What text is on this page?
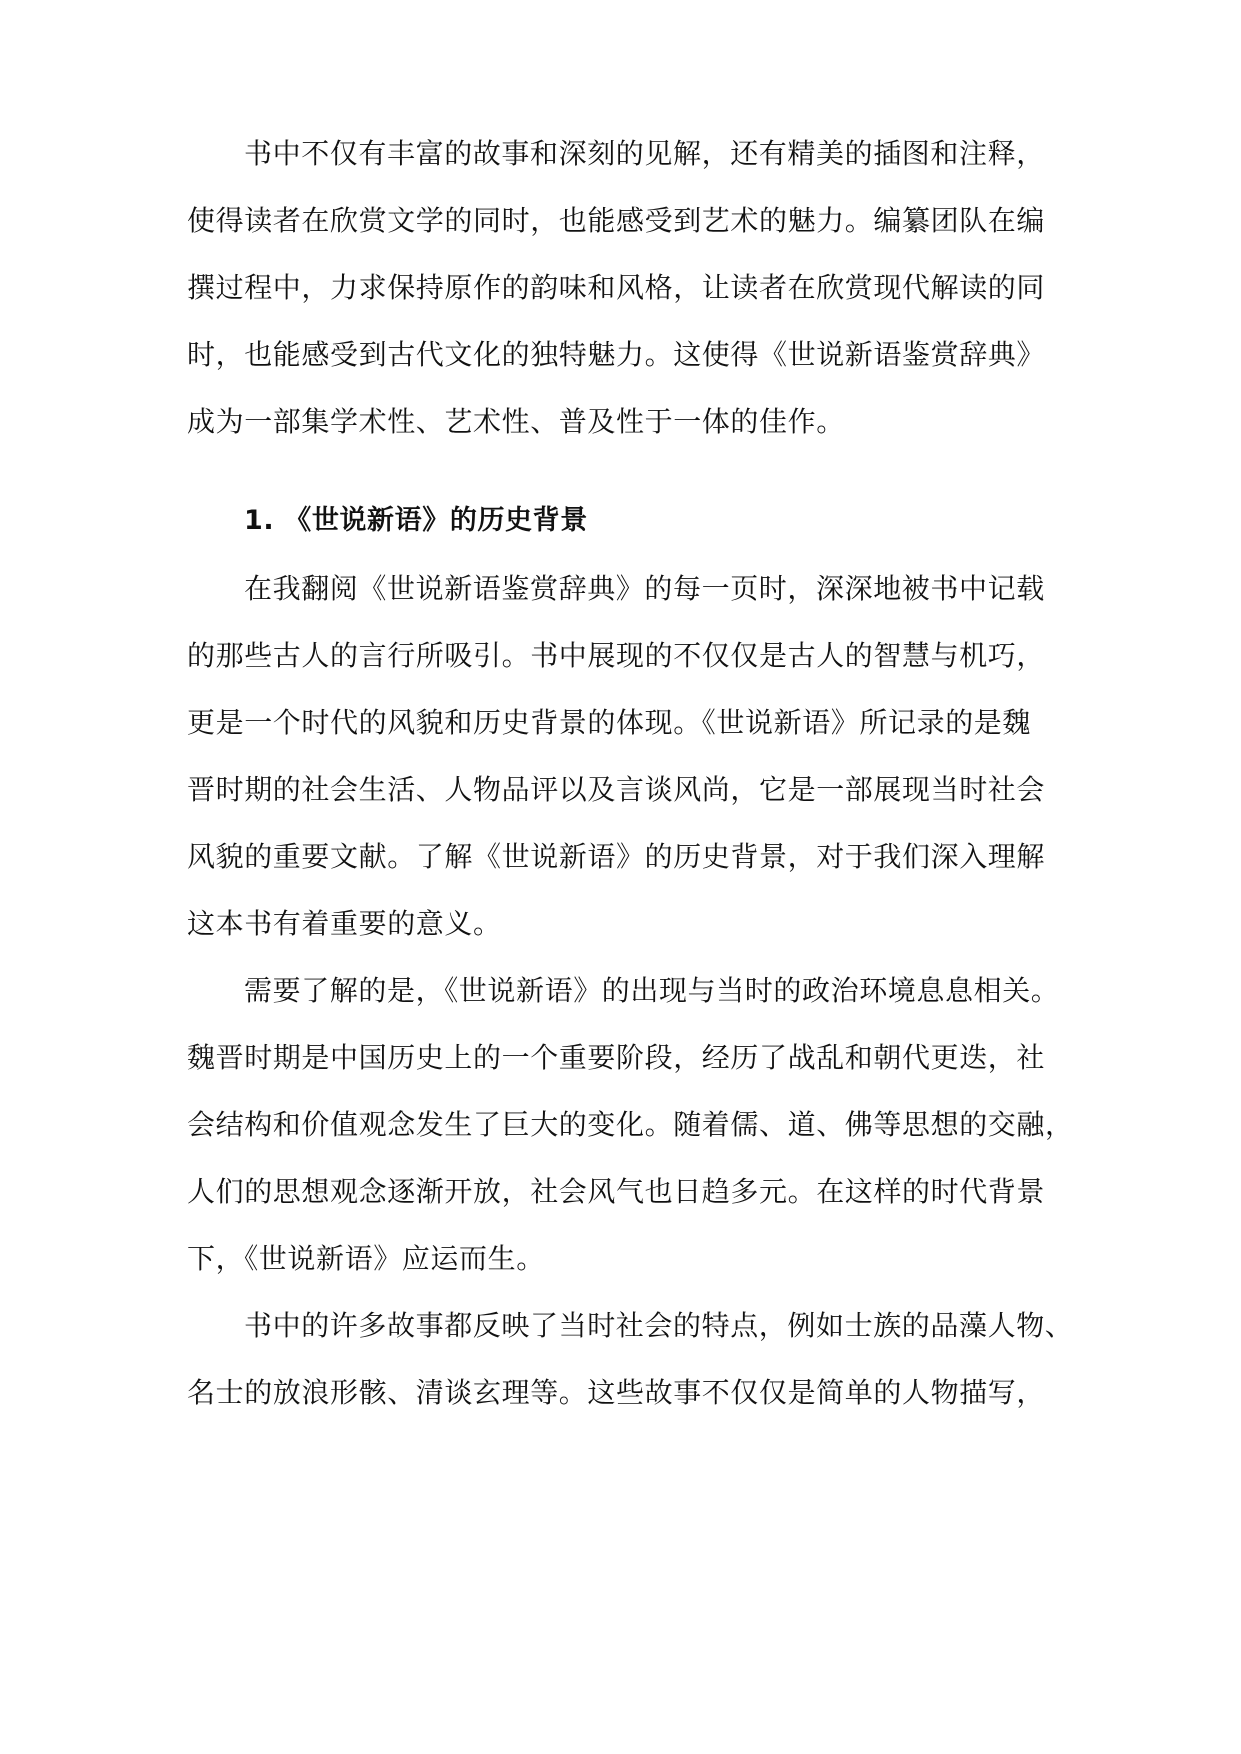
书中不仅有丰富的故事和深刻的见解，还有精美的插图和注释，
使得读者在欣赏文学的同时，也能感受到艺术的魅力。编纂团队在编
撰过程中，力求保持原作的韵味和风格，让读者在欣赏现代解读的同
时，也能感受到古代文化的独特魅力。这使得《世说新语鉴赏辞典》
成为一部集学术性、艺术性、普及性于一体的佳作。
1. 《世说新语》的历史背景
在我翻阅《世说新语鉴赏辞典》的每一页时，深深地被书中记载
的那些古人的言行所吸引。书中展现的不仅仅是古人的智慧与机巧，
更是一个时代的风貌和历史背景的体现。《世说新语》所记录的是魏
晋时期的社会生活、人物品评以及言谈风尚，它是一部展现当时社会
风貌的重要文献。了解《世说新语》的历史背景，对于我们深入理解
这本书有着重要的意义。
需要了解的是，《世说新语》的出现与当时的政治环境息息相关。
魏晋时期是中国历史上的一个重要阶段，经历了战乱和朝代更迭，社
会结构和价值观念发生了巨大的变化。随着儒、道、佛等思想的交融，
人们的思想观念逐渐开放，社会风气也日趋多元。在这样的时代背景
下，《世说新语》应运而生。
书中的许多故事都反映了当时社会的特点，例如士族的品藻人物、
名士的放浪形骸、清谈玄理等。这些故事不仅仅是简单的人物描写，
